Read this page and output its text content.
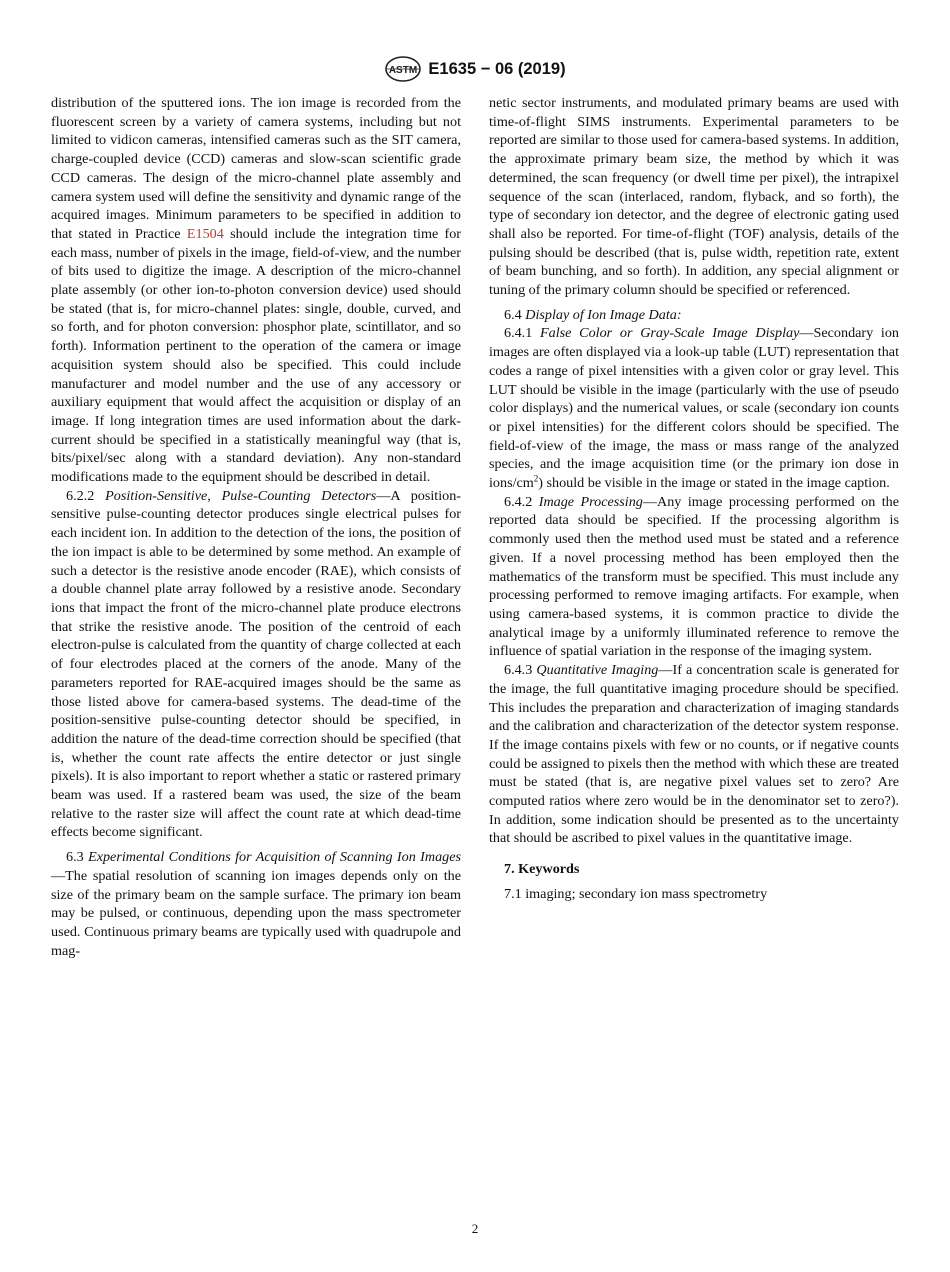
ASTM E1635 − 06 (2019)

distribution of the sputtered ions. The ion image is recorded from the fluorescent screen by a variety of camera systems, including but not limited to vidicon cameras, intensified cameras such as the SIT camera, charge-coupled device (CCD) cameras and slow-scan scientific grade CCD cameras. The design of the micro-channel plate assembly and camera system used will define the sensitivity and dynamic range of the acquired images. Minimum parameters to be specified in addition to that stated in Practice E1504 should include the integration time for each mass, number of pixels in the image, field-of-view, and the number of bits used to digitize the image. A description of the micro-channel plate assembly (or other ion-to-photon conversion device) used should be stated (that is, for micro-channel plates: single, double, curved, and so forth, and for photon conversion: phosphor plate, scintillator, and so forth). Information pertinent to the operation of the camera or image acquisition system should also be specified. This could include manufacturer and model number and the use of any accessory or auxiliary equipment that would affect the acquisition or display of an image. If long integration times are used information about the dark-current should be specified in a statistically meaningful way (that is, bits/pixel/sec along with a standard deviation). Any non-standard modifications made to the equipment should be described in detail.

6.2.2 Position-Sensitive, Pulse-Counting Detectors—A position-sensitive pulse-counting detector produces single electrical pulses for each incident ion. In addition to the detection of the ions, the position of the ion impact is able to be determined by some method. An example of such a detector is the resistive anode encoder (RAE), which consists of a double channel plate array followed by a resistive anode. Secondary ions that impact the front of the micro-channel plate produce electrons that strike the resistive anode. The position of the centroid of each electron-pulse is calculated from the quantity of charge collected at each of four electrodes placed at the corners of the anode. Many of the parameters reported for RAE-acquired images should be the same as those listed above for camera-based systems. The dead-time of the position-sensitive pulse-counting detector should be specified, in addition the nature of the dead-time correction should be specified (that is, whether the count rate affects the entire detector or just single pixels). It is also important to report whether a static or rastered primary beam was used. If a rastered beam was used, the size of the beam relative to the raster size will affect the count rate at which dead-time effects become significant.

6.3 Experimental Conditions for Acquisition of Scanning Ion Images—The spatial resolution of scanning ion images depends only on the size of the primary beam on the sample surface. The primary ion beam may be pulsed, or continuous, depending upon the mass spectrometer used. Continuous primary beams are typically used with quadrupole and mag-

netic sector instruments, and modulated primary beams are used with time-of-flight SIMS instruments. Experimental parameters to be reported are similar to those used for camera-based systems. In addition, the approximate primary beam size, the method by which it was determined, the scan frequency (or dwell time per pixel), the intrapixel sequence of the scan (interlaced, random, flyback, and so forth), the type of secondary ion detector, and the degree of electronic gating used shall also be reported. For time-of-flight (TOF) analysis, details of the pulsing should be described (that is, pulse width, repetition rate, extent of beam bunching, and so forth). In addition, any special alignment or tuning of the primary column should be specified or referenced.

6.4 Display of Ion Image Data:

6.4.1 False Color or Gray-Scale Image Display—Secondary ion images are often displayed via a look-up table (LUT) representation that codes a range of pixel intensities with a given color or gray level. This LUT should be visible in the image (particularly with the use of pseudo color displays) and the numerical values, or scale (secondary ion counts or pixel intensities) for the different colors should be specified. The field-of-view of the image, the mass or mass range of the analyzed species, and the image acquisition time (or the primary ion dose in ions/$cm^2$) should be visible in the image or stated in the image caption.

6.4.2 Image Processing—Any image processing performed on the reported data should be specified. If the processing algorithm is commonly used then the method used must be stated and a reference given. If a novel processing method has been employed then the mathematics of the transform must be specified. This must include any processing performed to remove imaging artifacts. For example, when using camera-based systems, it is common practice to divide the analytical image by a uniformly illuminated reference to remove the influence of spatial variation in the response of the imaging system.

6.4.3 Quantitative Imaging—If a concentration scale is generated for the image, the full quantitative imaging procedure should be specified. This includes the preparation and characterization of imaging standards and the calibration and characterization of the detector system response. If the image contains pixels with few or no counts, or if negative counts could be assigned to pixels then the method with which these are treated must be stated (that is, are negative pixel values set to zero? Are computed ratios where zero would be in the denominator set to zero?). In addition, some indication should be presented as to the uncertainty that should be ascribed to pixel values in the quantitative image.

7. Keywords

7.1 imaging; secondary ion mass spectrometry

2
